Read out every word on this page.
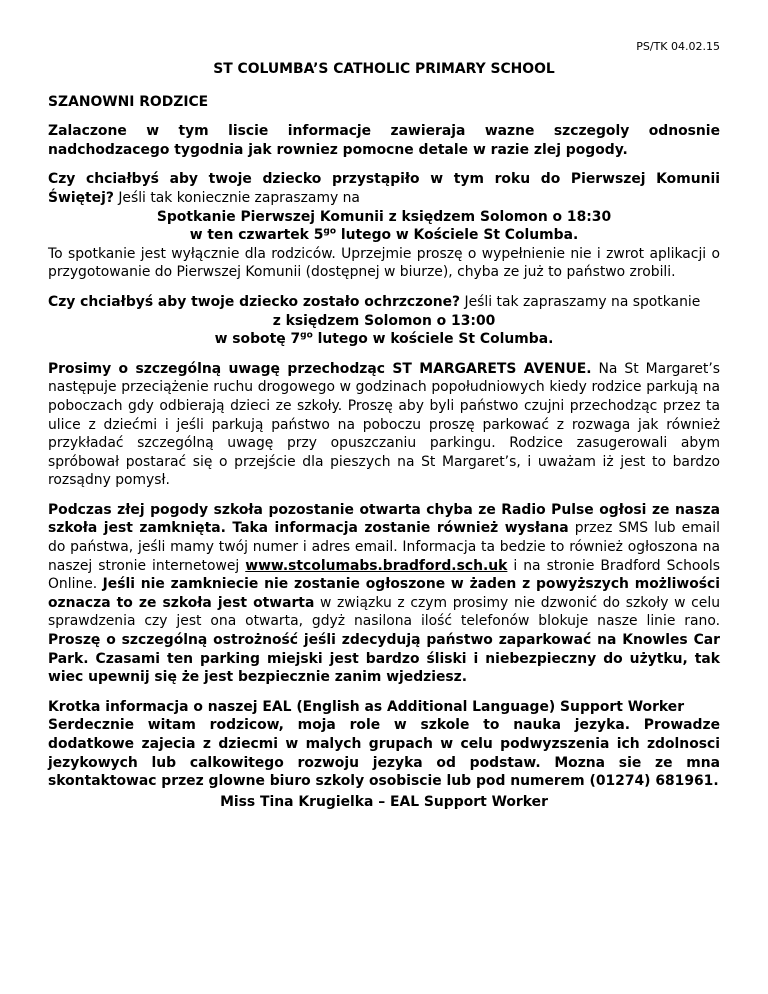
PS/TK 04.02.15
ST COLUMBA’S CATHOLIC PRIMARY SCHOOL
SZANOWNI RODZICE

Zalaczone w tym liscie informacje zawieraja wazne szczegoly odnosnie nadchodzacego tygodnia jak rowniez pomocne detale w razie zlej pogody.

Czy chciałbyś aby twoje dziecko przystąpiło w tym roku do Pierwszej Komunii Świętej? Jeśli tak koniecznie zapraszamy na

Spotkanie Pierwszej Komunii z księdzem Solomon o 18:30

w ten czwartek $5^{go}$ lutego w Kościele St Columba.

To spotkanie jest wyłącznie dla rodziców. Uprzejmie proszę o wypełnienie nie i zwrot aplikacji o przygotowanie do Pierwszej Komunii (dostępnej w biurze), chyba ze już to państwo zrobili.

Czy chciałbyś aby twoje dziecko zostało ochrzczone? Jeśli tak zapraszamy na spotkanie

z księdzem Solomon o 13:00

w sobotę $7^{go}$ lutego w kościele St Columba.

Prosimy o szczególną uwagę przechodząc ST MARGARETS AVENUE. Na St Margaret’s następuje przeciążenie ruchu drogowego w godzinach popołudniowych kiedy rodzice parkują na poboczach gdy odbierają dzieci ze szkoły. Proszę aby byli państwo czujni przechodząc przez ta ulice z dziećmi i jeśli parkują państwo na poboczu proszę parkować z rozwaga jak również przykładać szczególną uwagę przy opuszczaniu parkingu. Rodzice zasugerowali abym spróbował postarać się o przejście dla pieszych na St Margaret’s, i uważam iż jest to bardzo rozsądny pomysł.

Podczas złej pogody szkoła pozostanie otwarta chyba ze Radio Pulse ogłosi ze nasza szkoła jest zamknięta. Taka informacja zostanie również wysłana przez SMS lub email do państwa, jeśli mamy twój numer i adres email. Informacja ta bedzie to również ogłoszona na naszej stronie internetowej www.stcolumabs.bradford.sch.uk i na stronie Bradford Schools Online. Jeśli nie zamkniecie nie zostanie ogłoszone w żaden z powyższych możliwości oznacza to ze szkoła jest otwarta w związku z czym prosimy nie dzwonić do szkoły w celu sprawdzenia czy jest ona otwarta, gdyż nasilona ilość telefonów blokuje nasze linie rano. Proszę o szczególną ostrożność jeśli zdecydują państwo zaparkować na Knowles Car Park. Czasami ten parking miejski jest bardzo śliski i niebezpieczny do użytku, tak wiec upewnij się że jest bezpiecznie zanim wjedziesz.

Krotka informacja o naszej EAL (English as Additional Language) Support Worker

Serdecznie witam rodzicow, moja role w szkole to nauka jezyka. Prowadze dodatkowe zajecia z dziecmi w malych grupach w celu podwyzszenia ich zdolnosci jezykowych lub calkowitego rozwoju jezyka od podstaw. Mozna sie ze mna skontaktowac przez glowne biuro szkoly osobiscie lub pod numerem (01274) 681961.

Miss Tina Krugielka – EAL Support Worker
